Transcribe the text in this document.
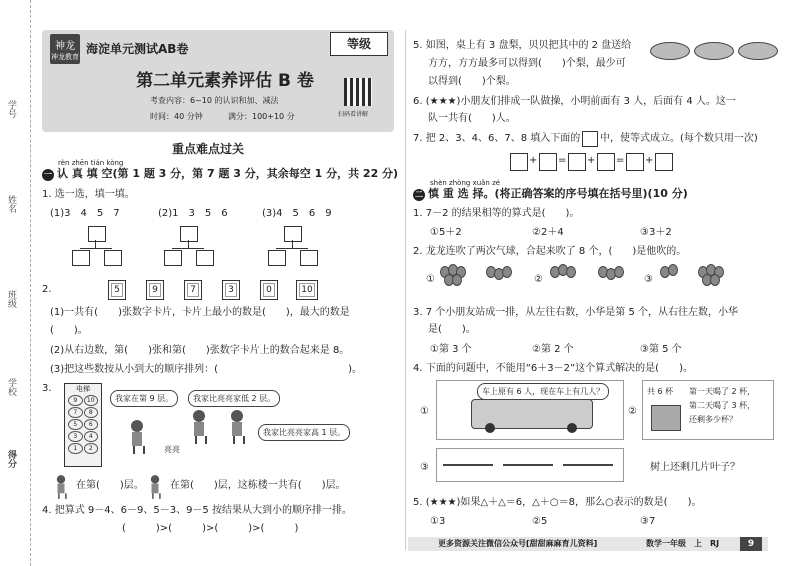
学号
姓名
班级
学校
得分
神龙
神龙教育
海淀单元测试AB卷	等级
第二单元素养评估 B 卷
考查内容：6~10 的认识和加、减法
时间：40 分钟	满分：100+10 分	扫码看讲解
重点难点过关
rèn zhēn tián kòng
一 认 真 填 空(第 1 题 3 分，第 7 题 3 分，其余每空 1 分，共 22 分)
1. 选一选，填一填。
(1)3　4　5　7	(2)1　3　5　6	(3)4　5　6　9
2.	5	9	7	3	0	10
(1)一共有(　　)张数字卡片，卡片上最小的数是(　　)，最大的数是
(　　)。
(2)从右边数，第(　　)张和第(　　)张数字卡片上的数合起来是 8。
(3)把这些数按从小到大的顺序排列：(　　　　　　　　　　　　　)。
3.	电梯
9	10
7	8
5	6
3	4
1	2
我家在第 9 层。	我家比亮亮家低 2 层。
我家比亮亮家高 1 层。
亮亮
在第(　　)层。	在第(　　)层，这栋楼一共有(　　)层。
4. 把算式 9－4、6－9、5－3、9－5 按结果从大到小的顺序排一排。
(　　　)>(　　　)>(　　　)>(　　　)
5. 如图，桌上有 3 盘梨，贝贝把其中的 2 盘送给
方方，方方最多可以得到(　　)个梨，最少可
以得到(　　)个梨。
6. (★★★)小朋友们排成一队做操，小明前面有 3 人，后面有 4 人。这一
队一共有(　　)人。
7. 把 2、3、4、6、7、8 填入下面的 中，使等式成立。(每个数只用一次)
+ = + = +
shèn zhòng xuǎn zé
二 慎 重 选 择。(将正确答案的序号填在括号里)(10 分)
1. 7－2 的结果相等的算式是(　　)。
①5＋2	②2＋4	③3＋2
2. 龙龙连吹了两次气球，合起来吹了 8 个，(　　)是他吹的。
①	②	③
3. 7 个小朋友站成一排，从左往右数，小华是第 5 个，从右往左数，小华
是(　　)。
①第 3 个	②第 2 个	③第 5 个
4. 下面的问题中，不能用“6＋3－2”这个算式解决的是(　　)。
①
车上原有 6 人，现在车上有几人？
②
共 6 杯 第一天喝了 2 杯，
第二天喝了 3 杯，
还剩多少杯？
③	树上还剩几片叶子？
5. (★★★)如果△＋△＝6，△＋○＝8，那么○表示的数是(　　)。
①3	②5	③7
更多资源关注微信公众号[甜甜麻麻育儿资料]	数学一年级　上　RJ	9
